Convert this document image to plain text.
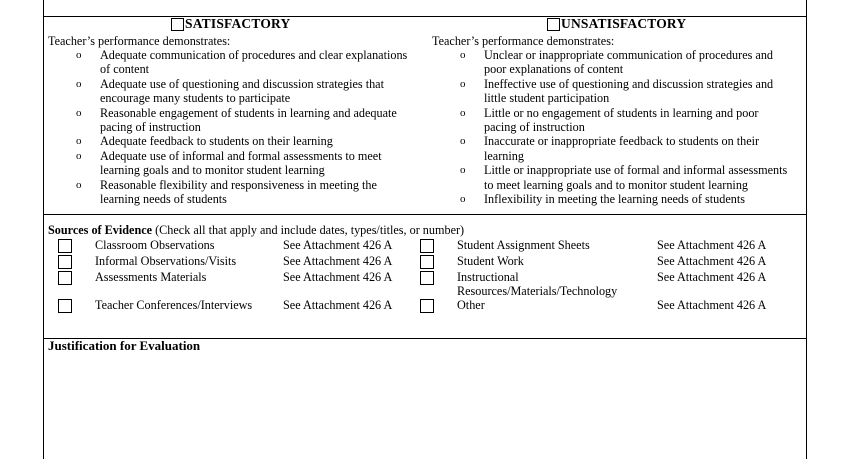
SATISFACTORY	UNSATISFACTORY
Teacher’s performance demonstrates:
o Adequate communication of procedures and clear explanations
of content
o Adequate use of questioning and discussion strategies that
encourage many students to participate
o Reasonable engagement of students in learning and adequate
pacing of instruction
o Adequate feedback to students on their learning
o Adequate use of informal and formal assessments to meet
learning goals and to monitor student learning
o Reasonable flexibility and responsiveness in meeting the
learning needs of students
Teacher’s performance demonstrates:
o Unclear or inappropriate communication of procedures and
poor explanations of content
o Ineffective use of questioning and discussion strategies and
little student participation
o Little or no engagement of students in learning and poor
pacing of instruction
o Inaccurate or inappropriate feedback to students on their
learning
o Little or inappropriate use of formal and informal assessments
to meet learning goals and to monitor student learning
o Inflexibility in meeting the learning needs of students
Sources of Evidence (Check all that apply and include dates, types/titles, or number)
Classroom Observations	See Attachment 426 A
Informal Observations/Visits	See Attachment 426 A
Assessments Materials	See Attachment 426 A
Teacher Conferences/Interviews	See Attachment 426 A
Student Assignment Sheets	See Attachment 426 A
Student Work	See Attachment 426 A
Instructional
Resources/Materials/Technology
See Attachment 426 A
Other	See Attachment 426 A
Justification for Evaluation
